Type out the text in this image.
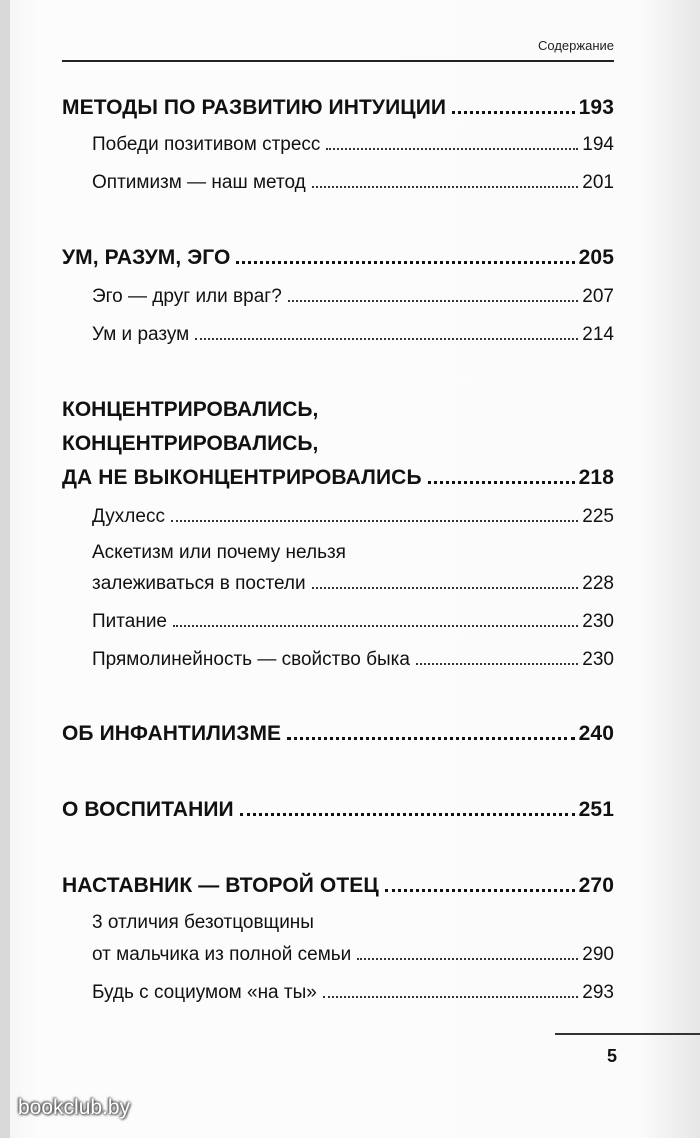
Содержание
МЕТОДЫ ПО РАЗВИТИЮ ИНТУИЦИИ	193
Победи позитивом стресс	194
Оптимизм — наш метод	201
УМ, РАЗУМ, ЭГО	205
Эго — друг или враг?	207
Ум и разум	214
КОНЦЕНТРИРОВАЛИСЬ,
КОНЦЕНТРИРОВАЛИСЬ,
ДА НЕ ВЫКОНЦЕНТРИРОВАЛИСЬ	218
Духлесс	225
Аскетизм или почему нельзя
залеживаться в постели	228
Питание	230
Прямолинейность — свойство быка	230
ОБ ИНФАНТИЛИЗМЕ	240
О ВОСПИТАНИИ	251
НАСТАВНИК — ВТОРОЙ ОТЕЦ	270
3 отличия безотцовщины
от мальчика из полной семьи	290
Будь с социумом «на ты»	293
5
bookclub.by
